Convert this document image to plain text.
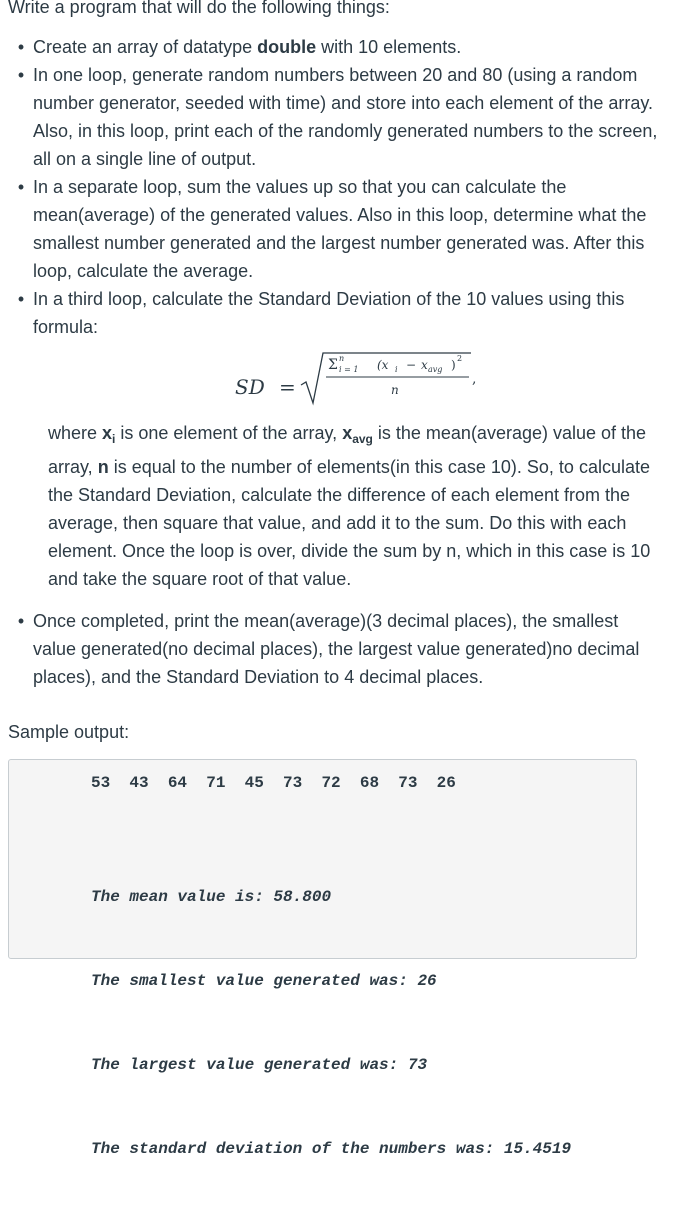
Write a program that will do the following things:

• Create an array of datatype double with 10 elements.
• In one loop, generate random numbers between 20 and 80 (using a random number generator, seeded with time) and store into each element of the array. Also, in this loop, print each of the randomly generated numbers to the screen, all on a single line of output.
• In a separate loop, sum the values up so that you can calculate the mean(average) of the generated values. Also in this loop, determine what the smallest number generated and the largest number generated was. After this loop, calculate the average.
• In a third loop, calculate the Standard Deviation of the 10 values using this formula:
SD =
Σ n
i = 1 (x i − x avg ) 2
n
,
where $x_i$ is one element of the array, $x_{avg}$ is the mean(average) value of the array, n is equal to the number of elements(in this case 10). So, to calculate the Standard Deviation, calculate the difference of each element from the average, then square that value, and add it to the sum. Do this with each element. Once the loop is over, divide the sum by n, which in this case is 10 and take the square root of that value.
• Once completed, print the mean(average)(3 decimal places), the smallest value generated(no decimal places), the largest value generated)no decimal places), and the Standard Deviation to 4 decimal places.
Sample output:
53  43  64  71  45  73  72  68  73  26

The mean value is: 58.800

The smallest value generated was: 26

The largest value generated was: 73

The standard deviation of the numbers was: 15.4519
